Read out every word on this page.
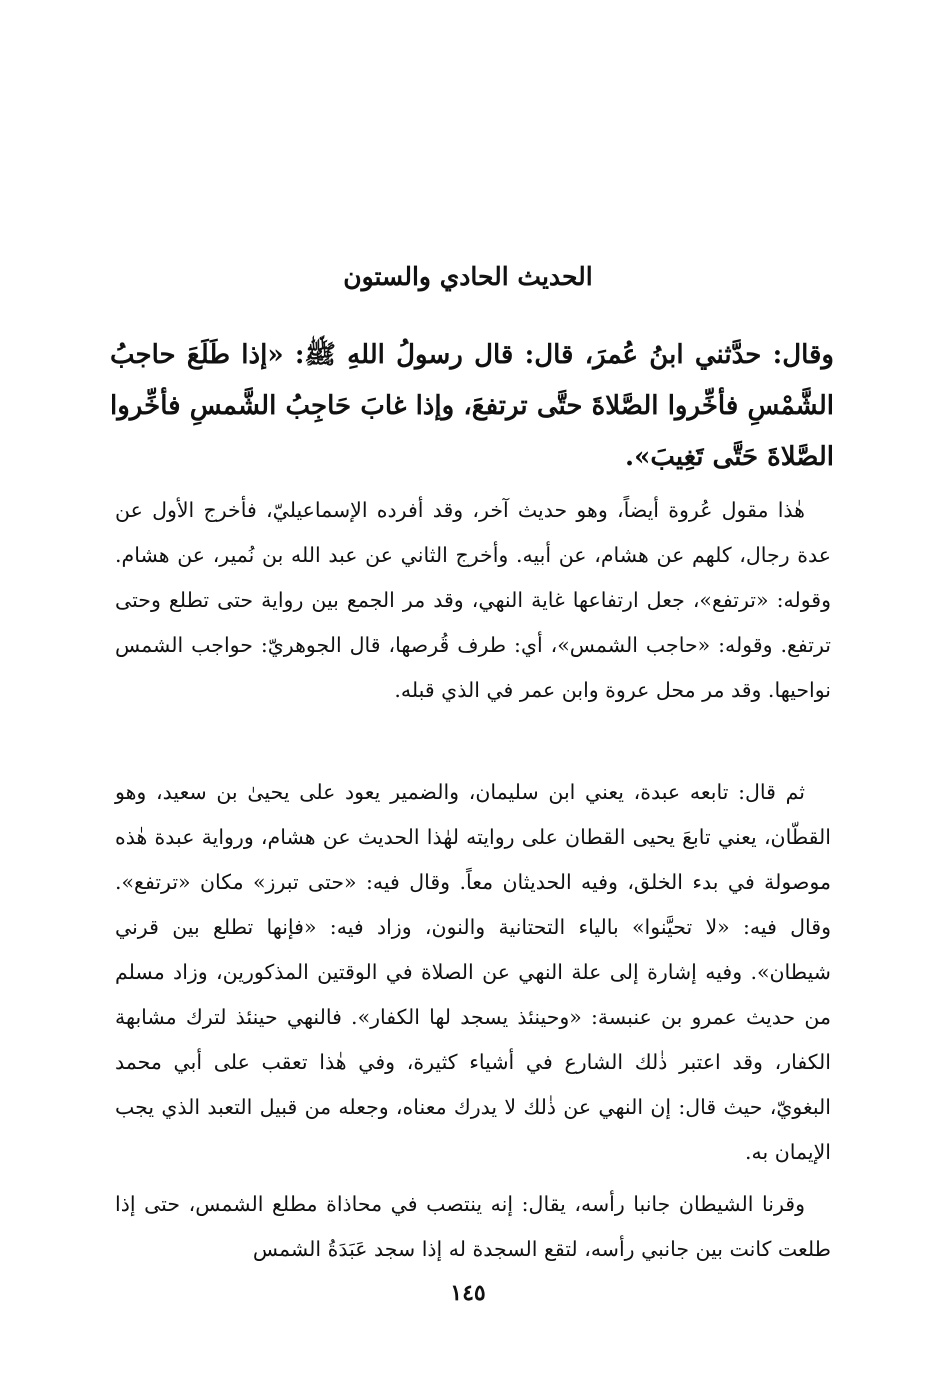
الحديث الحادي والستون
وقال: حدَّثني ابنُ عُمرَ، قال: قال رسولُ اللهِ ﷺ: «إذا طَلَعَ حاجبُ الشَّمْسِ فأخِّروا الصَّلاةَ حتَّى ترتفعَ، وإذا غابَ حَاجِبُ الشَّمسِ فأخِّروا الصَّلاةَ حَتَّى تَغِيبَ».
هٰذا مقول عُروة أيضاً، وهو حديث آخر، وقد أفرده الإسماعيليّ، فأخرج الأول عن عدة رجال، كلهم عن هشام، عن أبيه. وأخرج الثاني عن عبد الله بن نُمير، عن هشام. وقوله: «ترتفع»، جعل ارتفاعها غاية النهي، وقد مر الجمع بين رواية حتى تطلع وحتى ترتفع. وقوله: «حاجب الشمس»، أي: طرف قُرصها، قال الجوهريّ: حواجب الشمس نواحيها. وقد مر محل عروة وابن عمر في الذي قبله.
ثم قال: تابعه عبدة، يعني ابن سليمان، والضمير يعود على يحيىٰ بن سعيد، وهو القطّان، يعني تابعَ يحيى القطان على روايته لهٰذا الحديث عن هشام، ورواية عبدة هٰذه موصولة في بدء الخلق، وفيه الحديثان معاً. وقال فيه: «حتى تبرز» مكان «ترتفع». وقال فيه: «لا تحيَّنوا» بالياء التحتانية والنون، وزاد فيه: «فإنها تطلع بين قرني شيطان». وفيه إشارة إلى علة النهي عن الصلاة في الوقتين المذكورين، وزاد مسلم من حديث عمرو بن عنبسة: «وحينئذ يسجد لها الكفار». فالنهي حينئذ لترك مشابهة الكفار، وقد اعتبر ذٰلك الشارع في أشياء كثيرة، وفي هٰذا تعقب على أبي محمد البغويّ، حيث قال: إن النهي عن ذٰلك لا يدرك معناه، وجعله من قبيل التعبد الذي يجب الإيمان به.
وقرنا الشيطان جانبا رأسه، يقال: إنه ينتصب في محاذاة مطلع الشمس، حتى إذا طلعت كانت بين جانبي رأسه، لتقع السجدة له إذا سجد عَبَدَةُ الشمس
١٤٥
